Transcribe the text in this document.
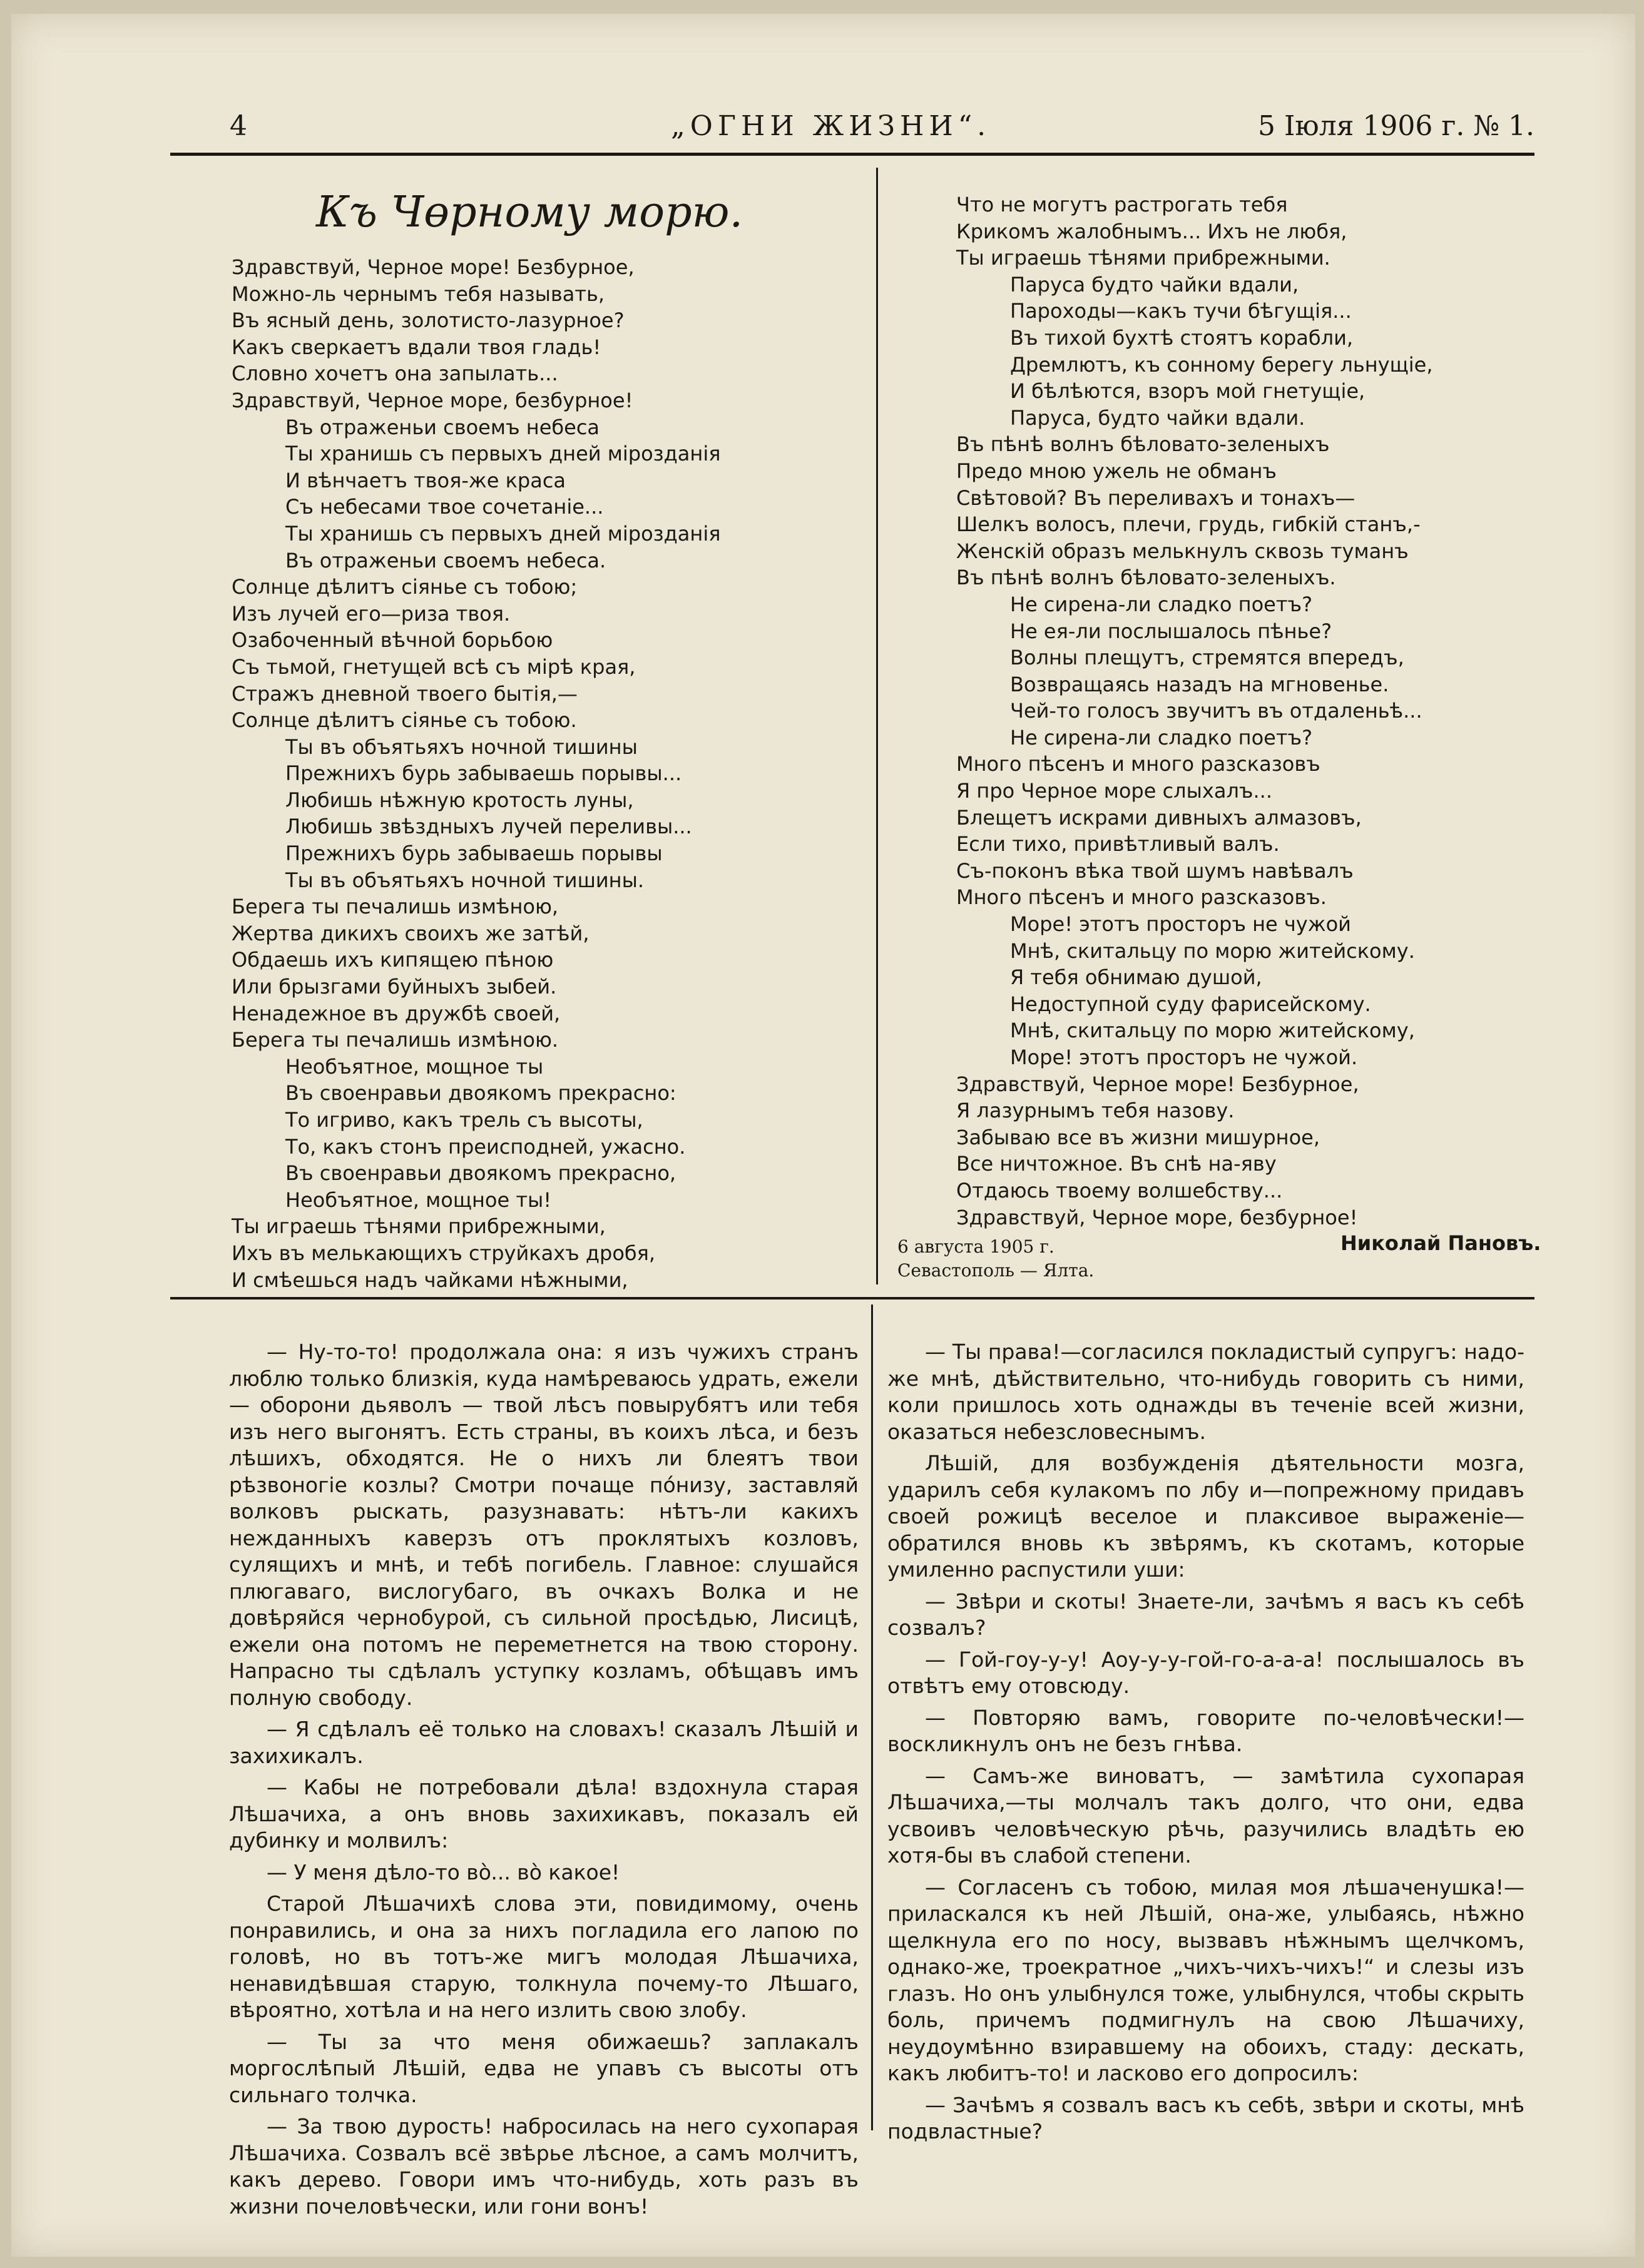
4	„ОГНИ ЖИЗНИ“.	5 Іюля 1906 г. № 1.
Къ Чөрному морю.
Здравствуй, Черное море! Безбурное,
Можно-ль чернымъ тебя называть,
Въ ясный день, золотисто-лазурное?
Какъ сверкаетъ вдали твоя гладь!
Словно хочетъ она запылать...
Здравствуй, Черное море, безбурное!
Въ отраженьи своемъ небеса
Ты хранишь съ первыхъ дней мірозданія
И вѣнчаетъ твоя-же краса
Съ небесами твое сочетаніе...
Ты хранишь съ первыхъ дней мірозданія
Въ отраженьи своемъ небеса.
Солнце дѣлитъ сіянье съ тобою;
Изъ лучей его—риза твоя.
Озабоченный вѣчной борьбою
Съ тьмой, гнетущей всѣ съ мірѣ края,
Стражъ дневной твоего бытія,—
Солнце дѣлитъ сіянье съ тобою.
Ты въ объятьяхъ ночной тишины
Прежнихъ бурь забываешь порывы...
Любишь нѣжную кротость луны,
Любишь звѣздныхъ лучей переливы...
Прежнихъ бурь забываешь порывы
Ты въ объятьяхъ ночной тишины.
Берега ты печалишь измѣною,
Жертва дикихъ своихъ же затѣй,
Обдаешь ихъ кипящею пѣною
Или брызгами буйныхъ зыбей.
Ненадежное въ дружбѣ своей,
Берега ты печалишь измѣною.
Необъятное, мощное ты
Въ своенравьи двоякомъ прекрасно:
То игриво, какъ трель съ высоты,
То, какъ стонъ преисподней, ужасно.
Въ своенравьи двоякомъ прекрасно,
Необъятное, мощное ты!
Ты играешь тѣнями прибрежными,
Ихъ въ мелькающихъ струйкахъ дробя,
И смѣешься надъ чайками нѣжными,
Что не могутъ растрогать тебя
Крикомъ жалобнымъ... Ихъ не любя,
Ты играешь тѣнями прибрежными.
Паруса будто чайки вдали,
Пароходы—какъ тучи бѣгущія...
Въ тихой бухтѣ стоятъ корабли,
Дремлютъ, къ сонному берегу льнущіе,
И бѣлѣются, взоръ мой гнетущіе,
Паруса, будто чайки вдали.
Въ пѣнѣ волнъ бѣловато-зеленыхъ
Предо мною ужель не обманъ
Свѣтовой? Въ переливахъ и тонахъ—
Шелкъ волосъ, плечи, грудь, гибкій станъ,-
Женскій образъ мелькнулъ сквозь туманъ
Въ пѣнѣ волнъ бѣловато-зеленыхъ.
Не сирена-ли сладко поетъ?
Не ея-ли послышалось пѣнье?
Волны плещутъ, стремятся впередъ,
Возвращаясь назадъ на мгновенье.
Чей-то голосъ звучитъ въ отдаленьѣ...
Не сирена-ли сладко поетъ?
Много пѣсенъ и много разсказовъ
Я про Черное море слыхалъ...
Блещетъ искрами дивныхъ алмазовъ,
Если тихо, привѣтливый валъ.
Съ-поконъ вѣка твой шумъ навѣвалъ
Много пѣсенъ и много разсказовъ.
Море! этотъ просторъ не чужой
Мнѣ, скитальцу по морю житейскому.
Я тебя обнимаю душой,
Недоступной суду фарисейскому.
Мнѣ, скитальцу по морю житейскому,
Море! этотъ просторъ не чужой.
Здравствуй, Черное море! Безбурное,
Я лазурнымъ тебя назову.
Забываю все въ жизни мишурное,
Все ничтожное. Въ снѣ на-яву
Отдаюсь твоему волшебству...
Здравствуй, Черное море, безбурное!
6 августа 1905 г.
Севастополь — Ялта.
Николай Пановъ.

— Ну-то-то! продолжала она: я изъ чужихъ странъ люблю только близкія, куда намѣреваюсь удрать, ежели — оборони дьяволъ — твой лѣсъ повырубятъ или тебя изъ него выгонятъ. Есть страны, въ коихъ лѣса, и безъ лѣшихъ, обходятся. Не о нихъ ли блеятъ твои рѣзвоногіе козлы? Смотри почаще пóнизу, заставляй волковъ рыскать, разузнавать: нѣтъ-ли какихъ нежданныхъ каверзъ отъ проклятыхъ козловъ, сулящихъ и мнѣ, и тебѣ погибель. Главное: слушайся плюгаваго, вислогубаго, въ очкахъ Волка и не довѣряйся чернобурой, съ сильной просѣдью, Лисицѣ, ежели она потомъ не переметнется на твою сторону. Напрасно ты сдѣлалъ уступку козламъ, обѣщавъ имъ полную свободу.

— Я сдѣлалъ её только на словахъ! сказалъ Лѣшій и захихикалъ.

— Кабы не потребовали дѣла! вздохнула старая Лѣшачиха, а онъ вновь захихикавъ, показалъ ей дубинку и молвилъ:

— У меня дѣло-то вò... вò какое!

Старой Лѣшачихѣ слова эти, повидимому, очень понравились, и она за нихъ погладила его лапою по головѣ, но въ тотъ-же мигъ молодая Лѣшачиха, ненавидѣвшая старую, толкнула почему-то Лѣшаго, вѣроятно, хотѣла и на него излить свою злобу.

— Ты за что меня обижаешь? заплакалъ моргослѣпый Лѣшій, едва не упавъ съ высоты отъ сильнаго толчка.

— За твою дурость! набросилась на него сухопарая Лѣшачиха. Созвалъ всё звѣрье лѣсное, а самъ молчитъ, какъ дерево. Говори имъ что-нибудь, хоть разъ въ жизни почеловѣчески, или гони вонъ!

— Ты права!—согласился покладистый супругъ: надо-же мнѣ, дѣйствительно, что-нибудь говорить съ ними, коли пришлось хоть однажды въ теченіе всей жизни, оказаться небезсловеснымъ.

Лѣшій, для возбужденія дѣятельности мозга, ударилъ себя кулакомъ по лбу и—попрежному придавъ своей рожицѣ веселое и плаксивое выраженіе—обратился вновь къ звѣрямъ, къ скотамъ, которые умиленно распустили уши:

— Звѣри и скоты! Знаете-ли, зачѣмъ я васъ къ себѣ созвалъ?

— Гой-гоу-у-у! Аоу-у-у-гой-го-а-а-а! послышалось въ отвѣтъ ему отовсюду.

— Повторяю вамъ, говорите по-человѣчески!—воскликнулъ онъ не безъ гнѣва.

— Самъ-же виноватъ, — замѣтила сухопарая Лѣшачиха,—ты молчалъ такъ долго, что они, едва усвоивъ человѣческую рѣчь, разучились владѣть ею хотя-бы въ слабой степени.

— Согласенъ съ тобою, милая моя лѣшаченушка!— приласкался къ ней Лѣшій, она-же, улыбаясь, нѣжно щелкнула его по носу, вызвавъ нѣжнымъ щелчкомъ, однако-же, троекратное „чихъ-чихъ-чихъ!“ и слезы изъ глазъ. Но онъ улыбнулся тоже, улыбнулся, чтобы скрыть боль, причемъ подмигнулъ на свою Лѣшачиху, неудоумѣнно взиравшему на обоихъ, стаду: дескать, какъ любитъ-то! и ласково его допросилъ:

— Зачѣмъ я созвалъ васъ къ себѣ, звѣри и скоты, мнѣ подвластные?
